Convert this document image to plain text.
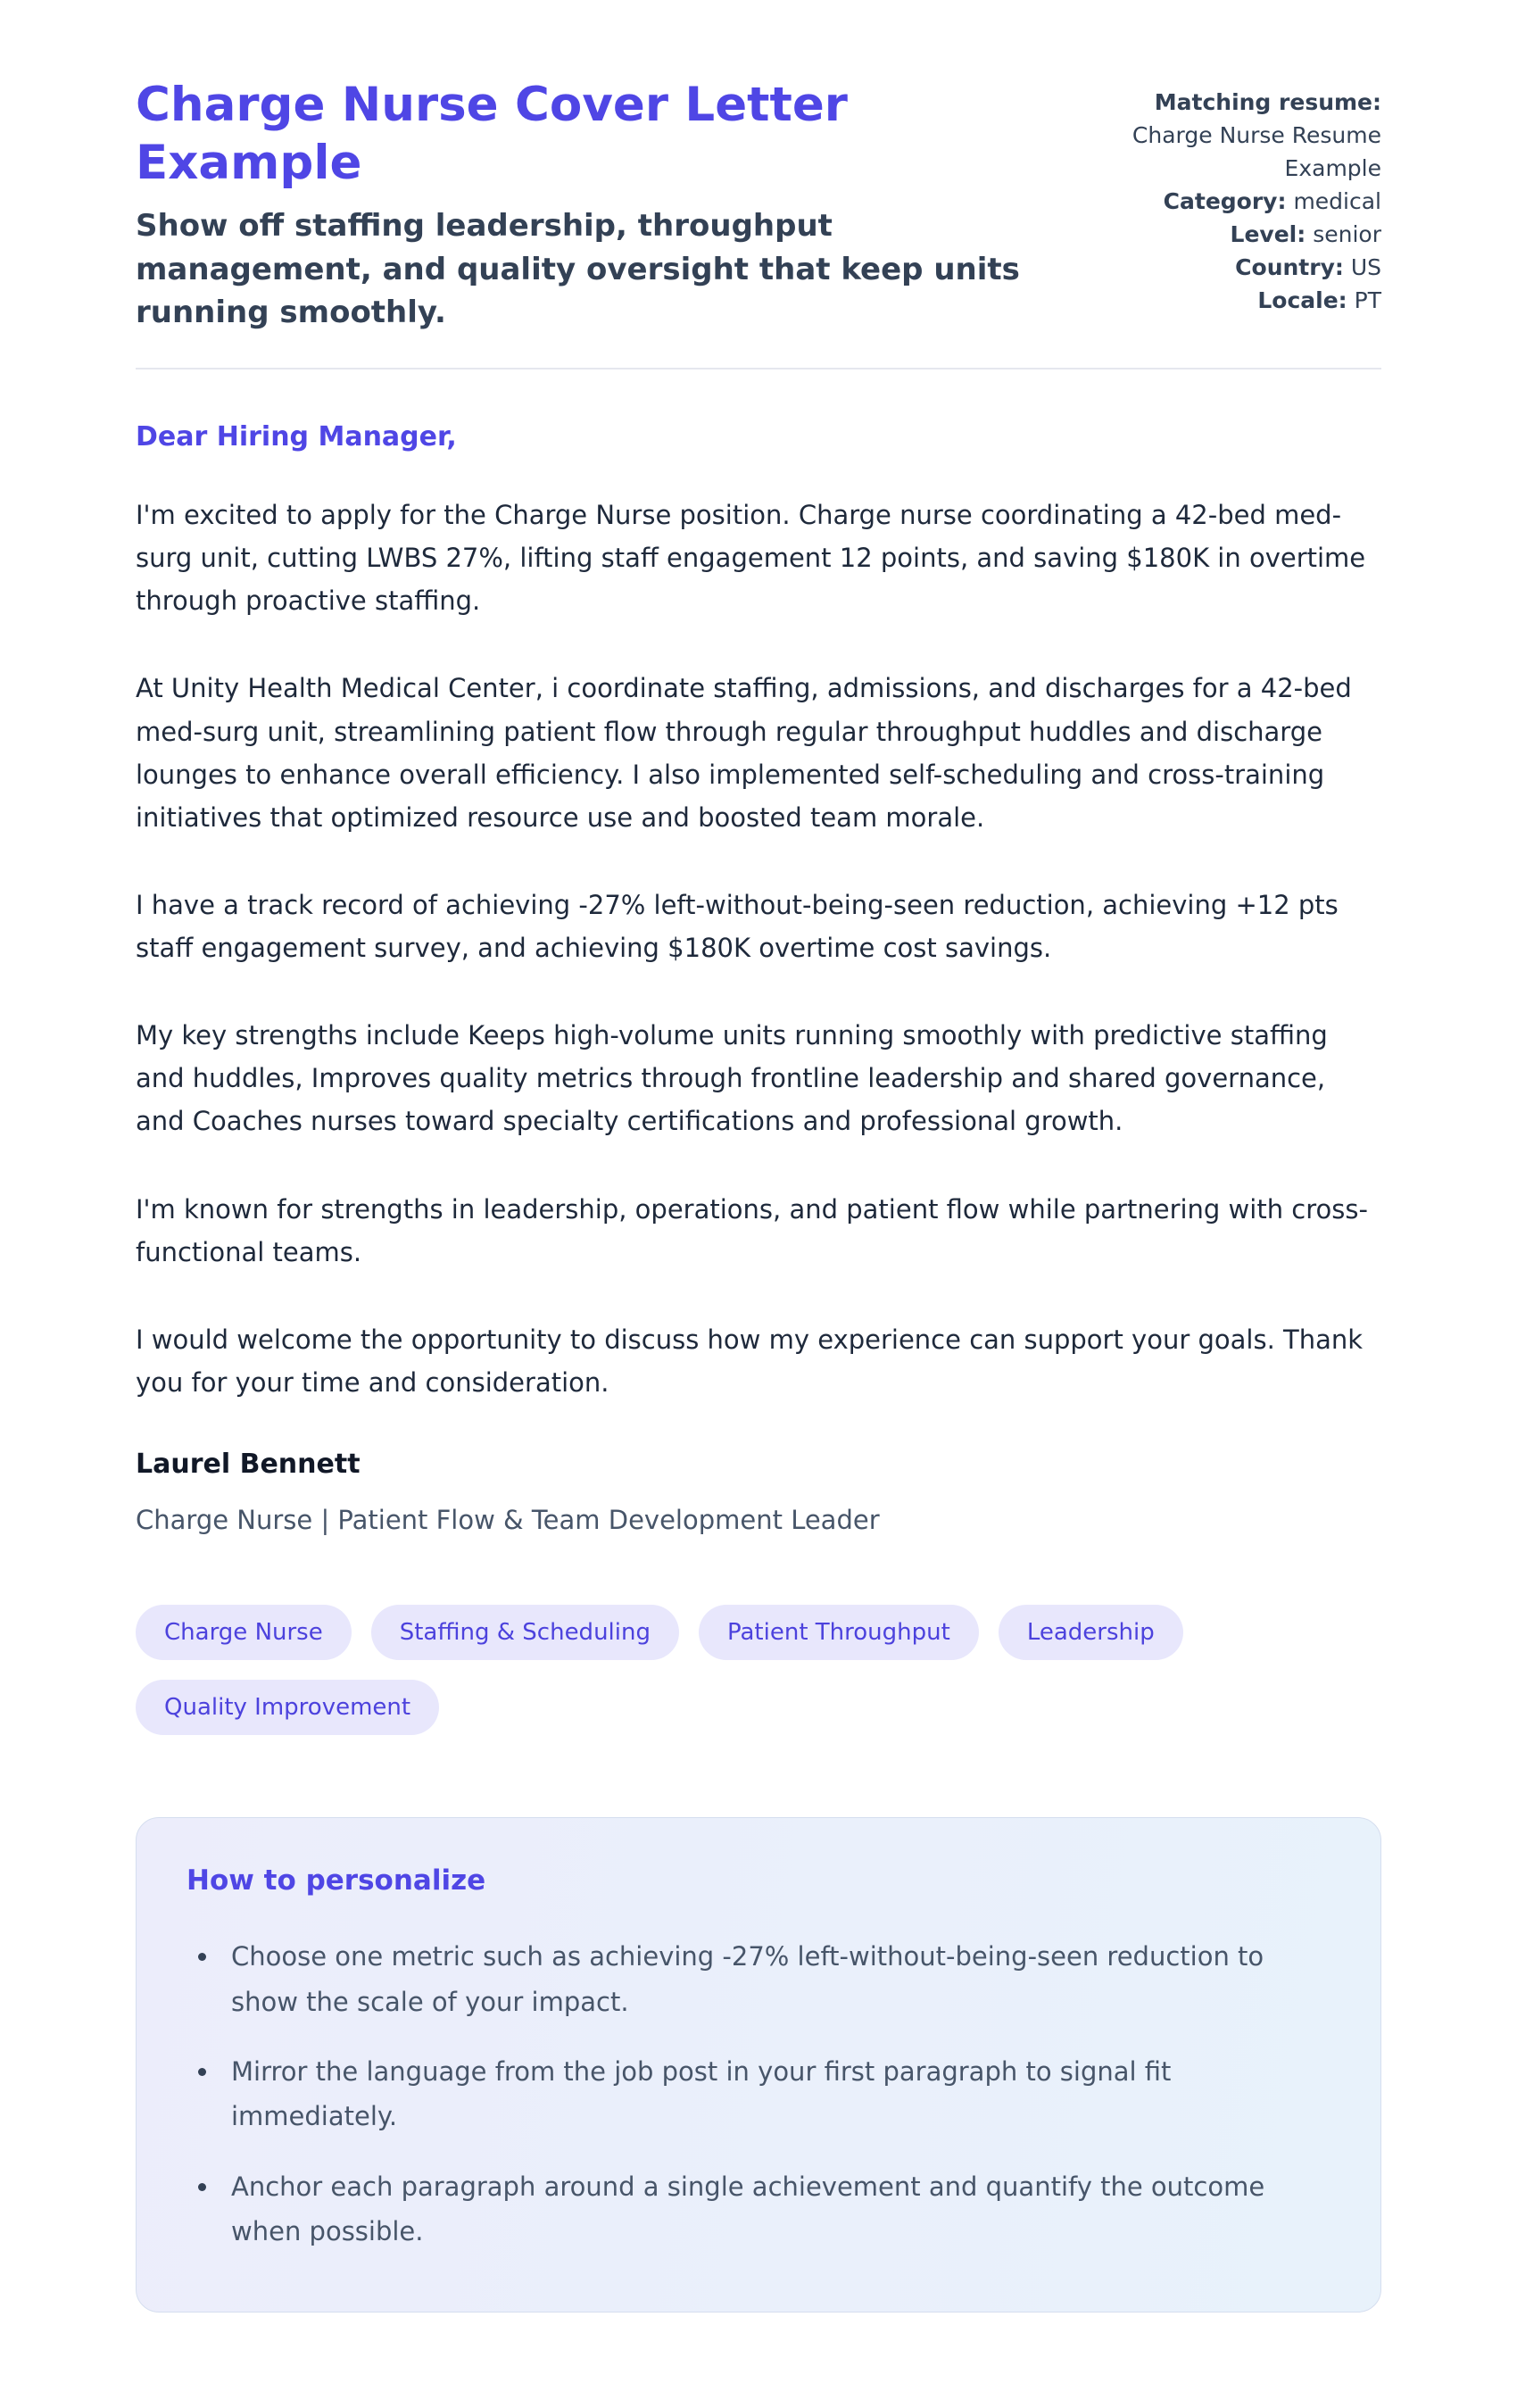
Charge Nurse Cover Letter Example

Show off staffing leadership, throughput management, and quality oversight that keep units running smoothly.

Matching resume: Charge Nurse Resume Example
Category: medical
Level: senior
Country: US
Locale: PT

Dear Hiring Manager,

I'm excited to apply for the Charge Nurse position. Charge nurse coordinating a 42-bed med-surg unit, cutting LWBS 27%, lifting staff engagement 12 points, and saving $180K in overtime through proactive staffing.

At Unity Health Medical Center, i coordinate staffing, admissions, and discharges for a 42-bed med-surg unit, streamlining patient flow through regular throughput huddles and discharge lounges to enhance overall efficiency. I also implemented self-scheduling and cross-training initiatives that optimized resource use and boosted team morale.

I have a track record of achieving -27% left-without-being-seen reduction, achieving +12 pts staff engagement survey, and achieving $180K overtime cost savings.

My key strengths include Keeps high-volume units running smoothly with predictive staffing and huddles, Improves quality metrics through frontline leadership and shared governance, and Coaches nurses toward specialty certifications and professional growth.

I'm known for strengths in leadership, operations, and patient flow while partnering with cross-functional teams.

I would welcome the opportunity to discuss how my experience can support your goals. Thank you for your time and consideration.

Laurel Bennett

Charge Nurse | Patient Flow & Team Development Leader

Charge Nurse	Staffing & Scheduling	Patient Throughput	Leadership
Quality Improvement
How to personalize
• Choose one metric such as achieving -27% left-without-being-seen reduction to show the scale of your impact.
• Mirror the language from the job post in your first paragraph to signal fit immediately.
• Anchor each paragraph around a single achievement and quantify the outcome when possible.
